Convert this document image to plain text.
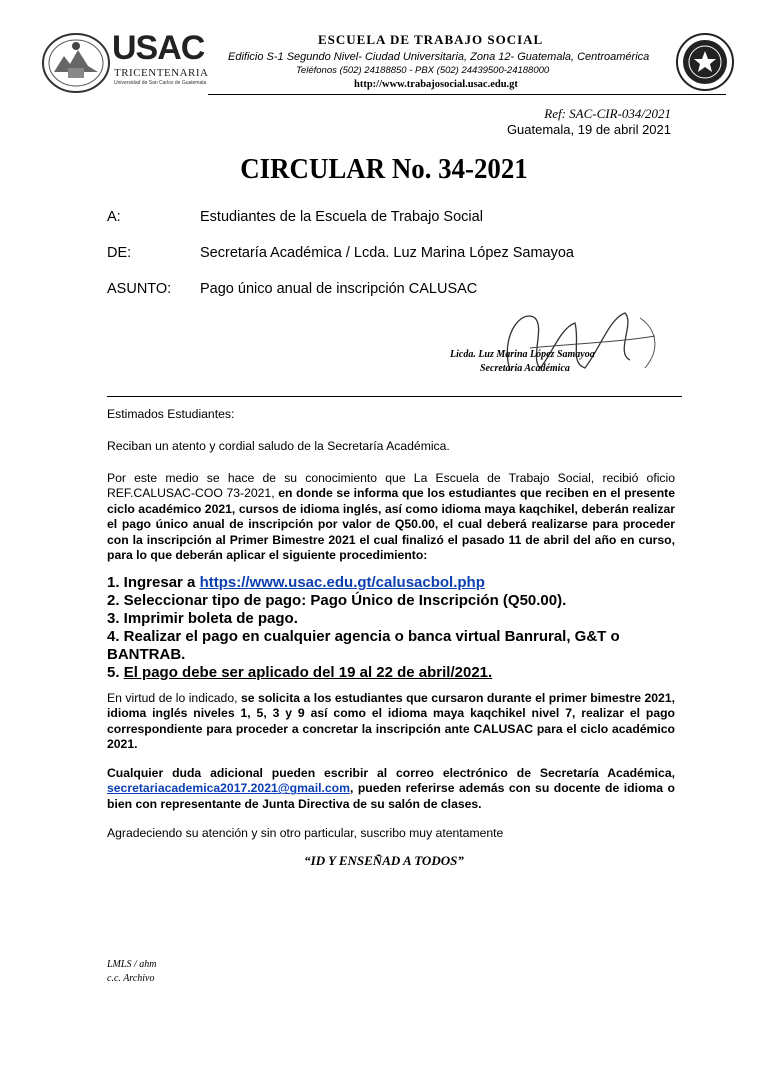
USAC
TRICENTENARIA
Universidad de San Carlos de Guatemala
ESCUELA DE TRABAJO SOCIAL
Edificio S-1 Segundo Nivel- Ciudad Universitaria, Zona 12- Guatemala, Centroamérica
Teléfonos (502) 24188850 - PBX (502) 24439500-24188000
http://www.trabajosocial.usac.edu.gt
Ref: SAC-CIR-034/2021
Guatemala, 19 de abril 2021
CIRCULAR No. 34-2021
A:	Estudiantes de la Escuela de Trabajo Social
DE:	Secretaría Académica / Lcda. Luz Marina López Samayoa
ASUNTO: Pago único anual de inscripción CALUSAC
Licda. Luz Marina López Samayoa
Secretaria Académica
Estimados Estudiantes:
Reciban un atento y cordial saludo de la Secretaría Académica.
Por este medio se hace de su conocimiento que La Escuela de Trabajo Social, recibió oficio REF.CALUSAC-COO 73-2021, en donde se informa que los estudiantes que reciben en el presente ciclo académico 2021, cursos de idioma inglés, así como idioma maya kaqchikel, deberán realizar el pago único anual de inscripción por valor de Q50.00, el cual deberá realizarse para proceder con la inscripción al Primer Bimestre 2021 el cual finalizó el pasado 11 de abril del año en curso, para lo que deberán aplicar el siguiente procedimiento:
1. Ingresar a https://www.usac.edu.gt/calusacbol.php
2. Seleccionar tipo de pago: Pago Único de Inscripción (Q50.00).
3. Imprimir boleta de pago.
4. Realizar el pago en cualquier agencia o banca virtual Banrural, G&T o BANTRAB.
5. El pago debe ser aplicado del 19 al 22 de abril/2021.
En virtud de lo indicado, se solicita a los estudiantes que cursaron durante el primer bimestre 2021, idioma inglés niveles 1, 5, 3 y 9 así como el idioma maya kaqchikel nivel 7, realizar el pago correspondiente para proceder a concretar la inscripción ante CALUSAC para el ciclo académico 2021.
Cualquier duda adicional pueden escribir al correo electrónico de Secretaría Académica, secretariacademica2017.2021@gmail.com, pueden referirse además con su docente de idioma o bien con representante de Junta Directiva de su salón de clases.
Agradeciendo su atención y sin otro particular, suscribo muy atentamente
“ID Y ENSEÑAD A TODOS”
LMLS / ahm
c.c. Archivo
